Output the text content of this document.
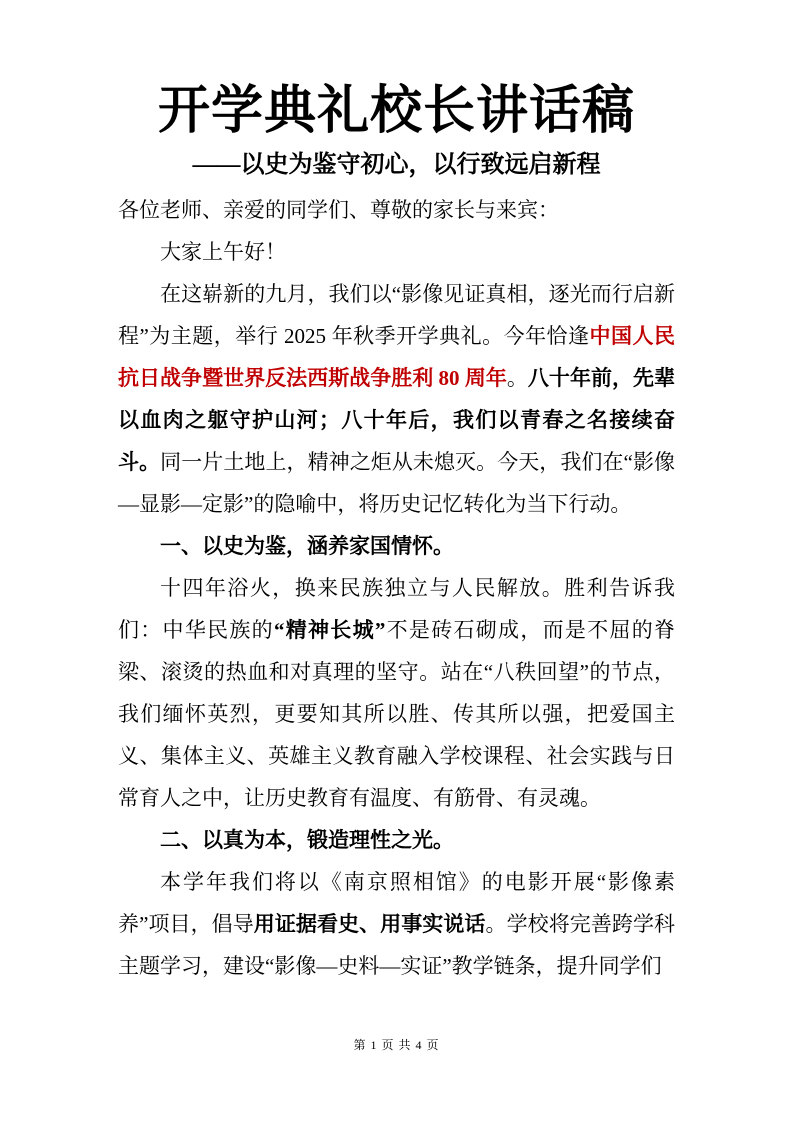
开学典礼校长讲话稿
——以史为鉴守初心，以行致远启新程

各位老师、亲爱的同学们、尊敬的家长与来宾：

大家上午好！

在这崭新的九月，我们以“影像见证真相，逐光而行启新程”为主题，举行 2025 年秋季开学典礼。今年恰逢中国人民抗日战争暨世界反法西斯战争胜利 80 周年。八十年前，先辈以血肉之躯守护山河；八十年后，我们以青春之名接续奋斗。同一片土地上，精神之炬从未熄灭。今天，我们在“影像—显影—定影”的隐喻中，将历史记忆转化为当下行动。

一、以史为鉴，涵养家国情怀。

十四年浴火，换来民族独立与人民解放。胜利告诉我们：中华民族的“精神长城”不是砖石砌成，而是不屈的脊梁、滚烫的热血和对真理的坚守。站在“八秩回望”的节点，我们缅怀英烈，更要知其所以胜、传其所以强，把爱国主义、集体主义、英雄主义教育融入学校课程、社会实践与日常育人之中，让历史教育有温度、有筋骨、有灵魂。

二、以真为本，锻造理性之光。

本学年我们将以《南京照相馆》的电影开展“影像素养”项目，倡导用证据看史、用事实说话。学校将完善跨学科主题学习，建设“影像—史料—实证”教学链条，提升同学们

第 1 页 共 4 页
